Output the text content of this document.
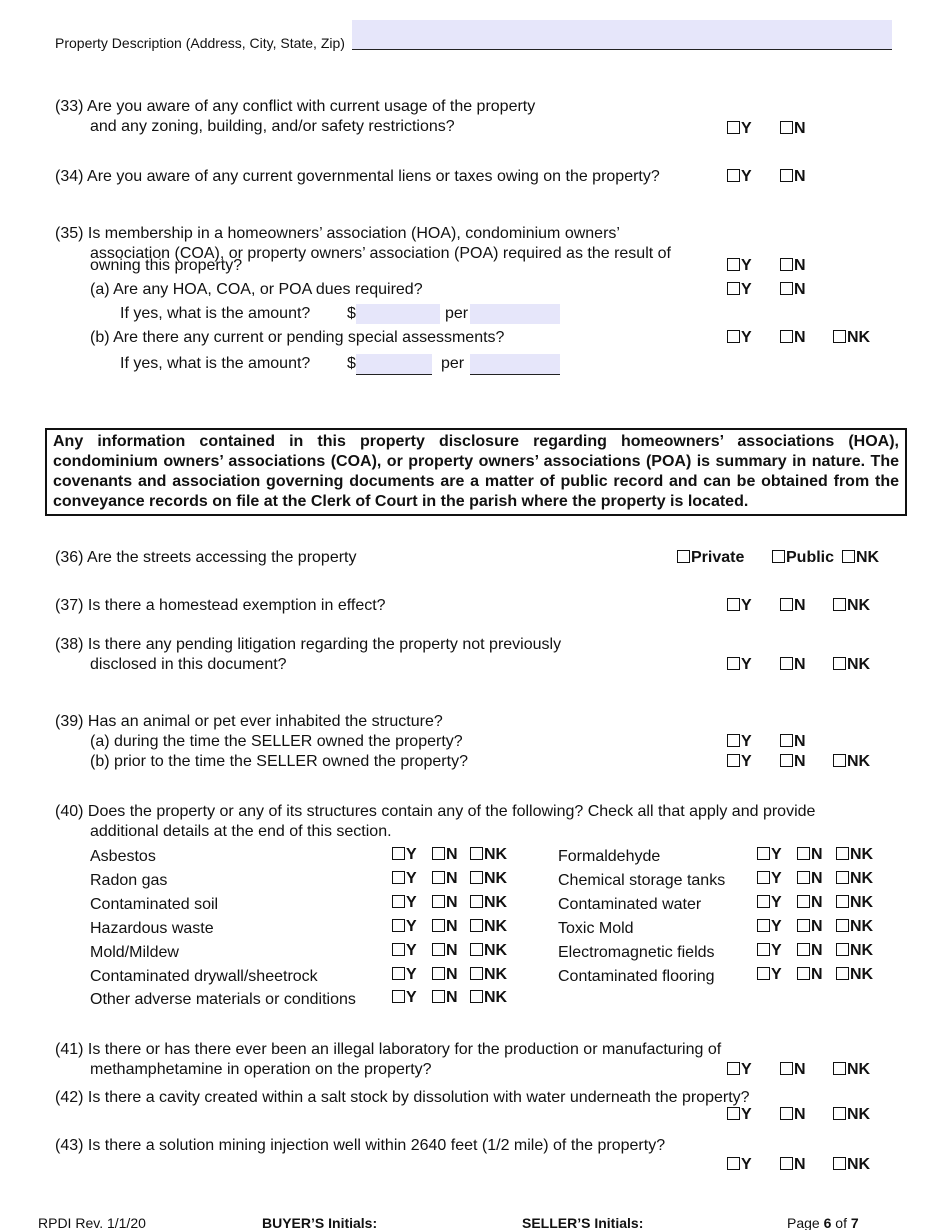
Property Description (Address, City, State, Zip)
Any information contained in this property disclosure regarding homeowners’ associations (HOA), condominium owners’ associations (COA), or property owners’ associations (POA) is summary in nature. The covenants and association governing documents are a matter of public record and can be obtained from the conveyance records on file at the Clerk of Court in the parish where the property is located.
RPDI Rev. 1/1/20	BUYER’S Initials:	SELLER’S Initials:	Page 6 of 7
(33) Are you aware of any conflict with current usage of the property
and any zoning, building, and/or safety restrictions?	Y	N
(34) Are you aware of any current governmental liens or taxes owing on the property?	Y	N
(35) Is membership in a homeowners’ association (HOA), condominium owners’
association (COA), or property owners’ association (POA) required as the result of
owning this property?	Y	N
(a) Are any HOA, COA, or POA dues required?	Y	N
If yes, what is the amount? $	per
(b) Are there any current or pending special assessments?	Y	N	NK
If yes, what is the amount? $	per
(36) Are the streets accessing the property	Private	Public	NK
(37) Is there a homestead exemption in effect?	Y	N	NK
(38) Is there any pending litigation regarding the property not previously
disclosed in this document?	Y	N	NK
(39) Has an animal or pet ever inhabited the structure?
(a) during the time the SELLER owned the property?
(b) prior to the time the SELLER owned the property?
Y	N
Y	N	NK
(40) Does the property or any of its structures contain any of the following? Check all that apply and provide
additional details at the end of this section.
Asbestos	Y	N	NK
Radon gas	Y	N	NK
Contaminated soil	Y	N	NK
Hazardous waste	Y	N	NK
Mold/Mildew	Y	N	NK
Contaminated drywall/sheetrock	Y	N	NK
Other adverse materials or conditions	Y	N	NK
Formaldehyde	Y	N	NK
Chemical storage tanks	Y	N	NK
Contaminated water	Y	N	NK
Toxic Mold	Y	N	NK
Electromagnetic fields	Y	N	NK
Contaminated flooring	Y	N	NK
(41) Is there or has there ever been an illegal laboratory for the production or manufacturing of
methamphetamine in operation on the property?	Y	N	NK
(42) Is there a cavity created within a salt stock by dissolution with water underneath the property?
Y	N	NK
(43) Is there a solution mining injection well within 2640 feet (1/2 mile) of the property?
Y	N	NK
